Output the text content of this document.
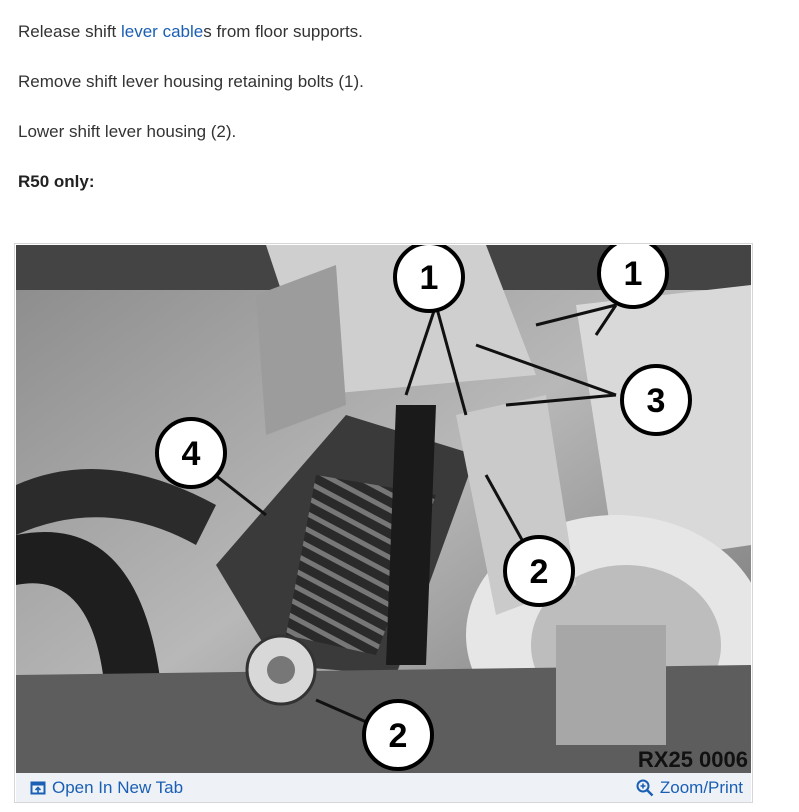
Release shift lever cables from floor supports.

Remove shift lever housing retaining bolts (1).

Lower shift lever housing (2).

R50 only:

1	1
3
4
2
2
RX25 0006
Open In New Tab	Zoom/Print
